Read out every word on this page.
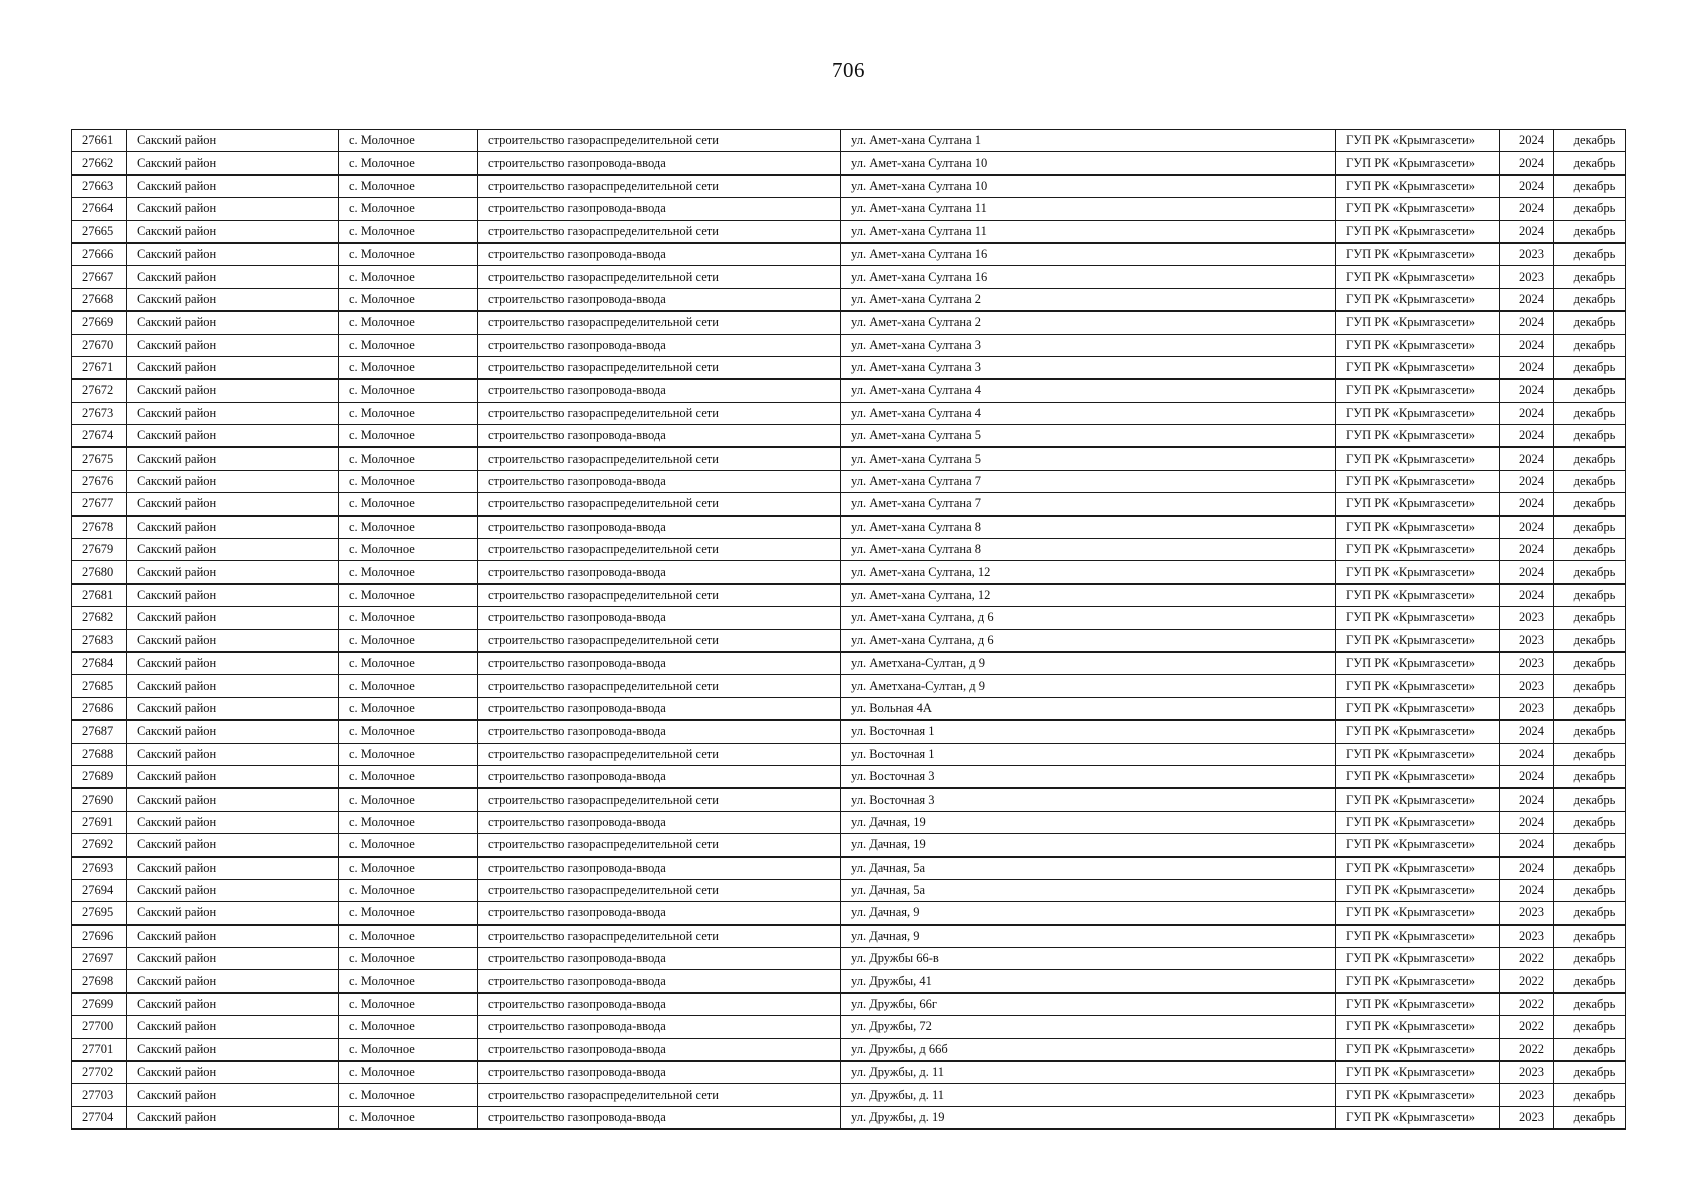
706
27661	Сакский район	с. Молочное	строительство газораспределительной сети	ул. Амет-хана Султана 1	ГУП РК «Крымгазсети»	2024	декабрь
27662	Сакский район	с. Молочное	строительство газопровода-ввода	ул. Амет-хана Султана 10	ГУП РК «Крымгазсети»	2024	декабрь
27663	Сакский район	с. Молочное	строительство газораспределительной сети	ул. Амет-хана Султана 10	ГУП РК «Крымгазсети»	2024	декабрь
27664	Сакский район	с. Молочное	строительство газопровода-ввода	ул. Амет-хана Султана 11	ГУП РК «Крымгазсети»	2024	декабрь
27665	Сакский район	с. Молочное	строительство газораспределительной сети	ул. Амет-хана Султана 11	ГУП РК «Крымгазсети»	2024	декабрь
27666	Сакский район	с. Молочное	строительство газопровода-ввода	ул. Амет-хана Султана 16	ГУП РК «Крымгазсети»	2023	декабрь
27667	Сакский район	с. Молочное	строительство газораспределительной сети	ул. Амет-хана Султана 16	ГУП РК «Крымгазсети»	2023	декабрь
27668	Сакский район	с. Молочное	строительство газопровода-ввода	ул. Амет-хана Султана 2	ГУП РК «Крымгазсети»	2024	декабрь
27669	Сакский район	с. Молочное	строительство газораспределительной сети	ул. Амет-хана Султана 2	ГУП РК «Крымгазсети»	2024	декабрь
27670	Сакский район	с. Молочное	строительство газопровода-ввода	ул. Амет-хана Султана 3	ГУП РК «Крымгазсети»	2024	декабрь
27671	Сакский район	с. Молочное	строительство газораспределительной сети	ул. Амет-хана Султана 3	ГУП РК «Крымгазсети»	2024	декабрь
27672	Сакский район	с. Молочное	строительство газопровода-ввода	ул. Амет-хана Султана 4	ГУП РК «Крымгазсети»	2024	декабрь
27673	Сакский район	с. Молочное	строительство газораспределительной сети	ул. Амет-хана Султана 4	ГУП РК «Крымгазсети»	2024	декабрь
27674	Сакский район	с. Молочное	строительство газопровода-ввода	ул. Амет-хана Султана 5	ГУП РК «Крымгазсети»	2024	декабрь
27675	Сакский район	с. Молочное	строительство газораспределительной сети	ул. Амет-хана Султана 5	ГУП РК «Крымгазсети»	2024	декабрь
27676	Сакский район	с. Молочное	строительство газопровода-ввода	ул. Амет-хана Султана 7	ГУП РК «Крымгазсети»	2024	декабрь
27677	Сакский район	с. Молочное	строительство газораспределительной сети	ул. Амет-хана Султана 7	ГУП РК «Крымгазсети»	2024	декабрь
27678	Сакский район	с. Молочное	строительство газопровода-ввода	ул. Амет-хана Султана 8	ГУП РК «Крымгазсети»	2024	декабрь
27679	Сакский район	с. Молочное	строительство газораспределительной сети	ул. Амет-хана Султана 8	ГУП РК «Крымгазсети»	2024	декабрь
27680	Сакский район	с. Молочное	строительство газопровода-ввода	ул. Амет-хана Султана, 12	ГУП РК «Крымгазсети»	2024	декабрь
27681	Сакский район	с. Молочное	строительство газораспределительной сети	ул. Амет-хана Султана, 12	ГУП РК «Крымгазсети»	2024	декабрь
27682	Сакский район	с. Молочное	строительство газопровода-ввода	ул. Амет-хана Султана, д 6	ГУП РК «Крымгазсети»	2023	декабрь
27683	Сакский район	с. Молочное	строительство газораспределительной сети	ул. Амет-хана Султана, д 6	ГУП РК «Крымгазсети»	2023	декабрь
27684	Сакский район	с. Молочное	строительство газопровода-ввода	ул. Аметхана-Султан, д 9	ГУП РК «Крымгазсети»	2023	декабрь
27685	Сакский район	с. Молочное	строительство газораспределительной сети	ул. Аметхана-Султан, д 9	ГУП РК «Крымгазсети»	2023	декабрь
27686	Сакский район	с. Молочное	строительство газопровода-ввода	ул. Вольная 4А	ГУП РК «Крымгазсети»	2023	декабрь
27687	Сакский район	с. Молочное	строительство газопровода-ввода	ул. Восточная 1	ГУП РК «Крымгазсети»	2024	декабрь
27688	Сакский район	с. Молочное	строительство газораспределительной сети	ул. Восточная 1	ГУП РК «Крымгазсети»	2024	декабрь
27689	Сакский район	с. Молочное	строительство газопровода-ввода	ул. Восточная 3	ГУП РК «Крымгазсети»	2024	декабрь
27690	Сакский район	с. Молочное	строительство газораспределительной сети	ул. Восточная 3	ГУП РК «Крымгазсети»	2024	декабрь
27691	Сакский район	с. Молочное	строительство газопровода-ввода	ул. Дачная, 19	ГУП РК «Крымгазсети»	2024	декабрь
27692	Сакский район	с. Молочное	строительство газораспределительной сети	ул. Дачная, 19	ГУП РК «Крымгазсети»	2024	декабрь
27693	Сакский район	с. Молочное	строительство газопровода-ввода	ул. Дачная, 5а	ГУП РК «Крымгазсети»	2024	декабрь
27694	Сакский район	с. Молочное	строительство газораспределительной сети	ул. Дачная, 5а	ГУП РК «Крымгазсети»	2024	декабрь
27695	Сакский район	с. Молочное	строительство газопровода-ввода	ул. Дачная, 9	ГУП РК «Крымгазсети»	2023	декабрь
27696	Сакский район	с. Молочное	строительство газораспределительной сети	ул. Дачная, 9	ГУП РК «Крымгазсети»	2023	декабрь
27697	Сакский район	с. Молочное	строительство газопровода-ввода	ул. Дружбы 66-в	ГУП РК «Крымгазсети»	2022	декабрь
27698	Сакский район	с. Молочное	строительство газопровода-ввода	ул. Дружбы, 41	ГУП РК «Крымгазсети»	2022	декабрь
27699	Сакский район	с. Молочное	строительство газопровода-ввода	ул. Дружбы, 66г	ГУП РК «Крымгазсети»	2022	декабрь
27700	Сакский район	с. Молочное	строительство газопровода-ввода	ул. Дружбы, 72	ГУП РК «Крымгазсети»	2022	декабрь
27701	Сакский район	с. Молочное	строительство газопровода-ввода	ул. Дружбы, д 66б	ГУП РК «Крымгазсети»	2022	декабрь
27702	Сакский район	с. Молочное	строительство газопровода-ввода	ул. Дружбы, д. 11	ГУП РК «Крымгазсети»	2023	декабрь
27703	Сакский район	с. Молочное	строительство газораспределительной сети	ул. Дружбы, д. 11	ГУП РК «Крымгазсети»	2023	декабрь
27704	Сакский район	с. Молочное	строительство газопровода-ввода	ул. Дружбы, д. 19	ГУП РК «Крымгазсети»	2023	декабрь
